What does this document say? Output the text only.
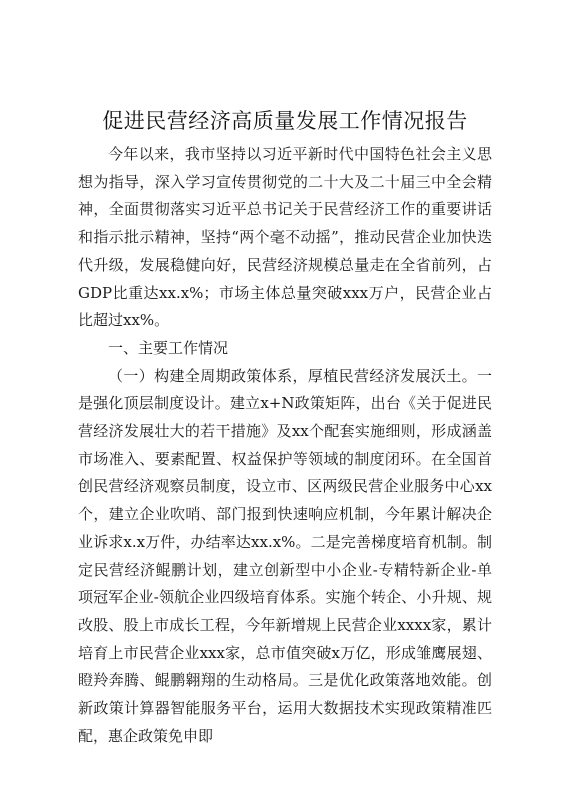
促进民营经济高质量发展工作情况报告

今年以来，我市坚持以习近平新时代中国特色社会主义思想为指导，深入学习宣传贯彻党的二十大及二十届三中全会精神，全面贯彻落实习近平总书记关于民营经济工作的重要讲话和指示批示精神，坚持“两个毫不动摇”，推动民营企业加快迭代升级，发展稳健向好，民营经济规模总量走在全省前列，占GDP比重达xx.x%；市场主体总量突破xxx万户，民营企业占比超过xx%。

一、主要工作情况

（一）构建全周期政策体系，厚植民营经济发展沃土。一是强化顶层制度设计。建立x+N政策矩阵，出台《关于促进民营经济发展壮大的若干措施》及xx个配套实施细则，形成涵盖市场准入、要素配置、权益保护等领域的制度闭环。在全国首创民营经济观察员制度，设立市、区两级民营企业服务中心xx个，建立企业吹哨、部门报到快速响应机制，今年累计解决企业诉求x.x万件，办结率达xx.x%。二是完善梯度培育机制。制定民营经济鲲鹏计划，建立创新型中小企业-专精特新企业-单项冠军企业-领航企业四级培育体系。实施个转企、小升规、规改股、股上市成长工程，今年新增规上民营企业xxxx家，累计培育上市民营企业xxx家，总市值突破x万亿，形成雏鹰展翅、瞪羚奔腾、鲲鹏翱翔的生动格局。三是优化政策落地效能。创新政策计算器智能服务平台，运用大数据技术实现政策精准匹配，惠企政策免申即
